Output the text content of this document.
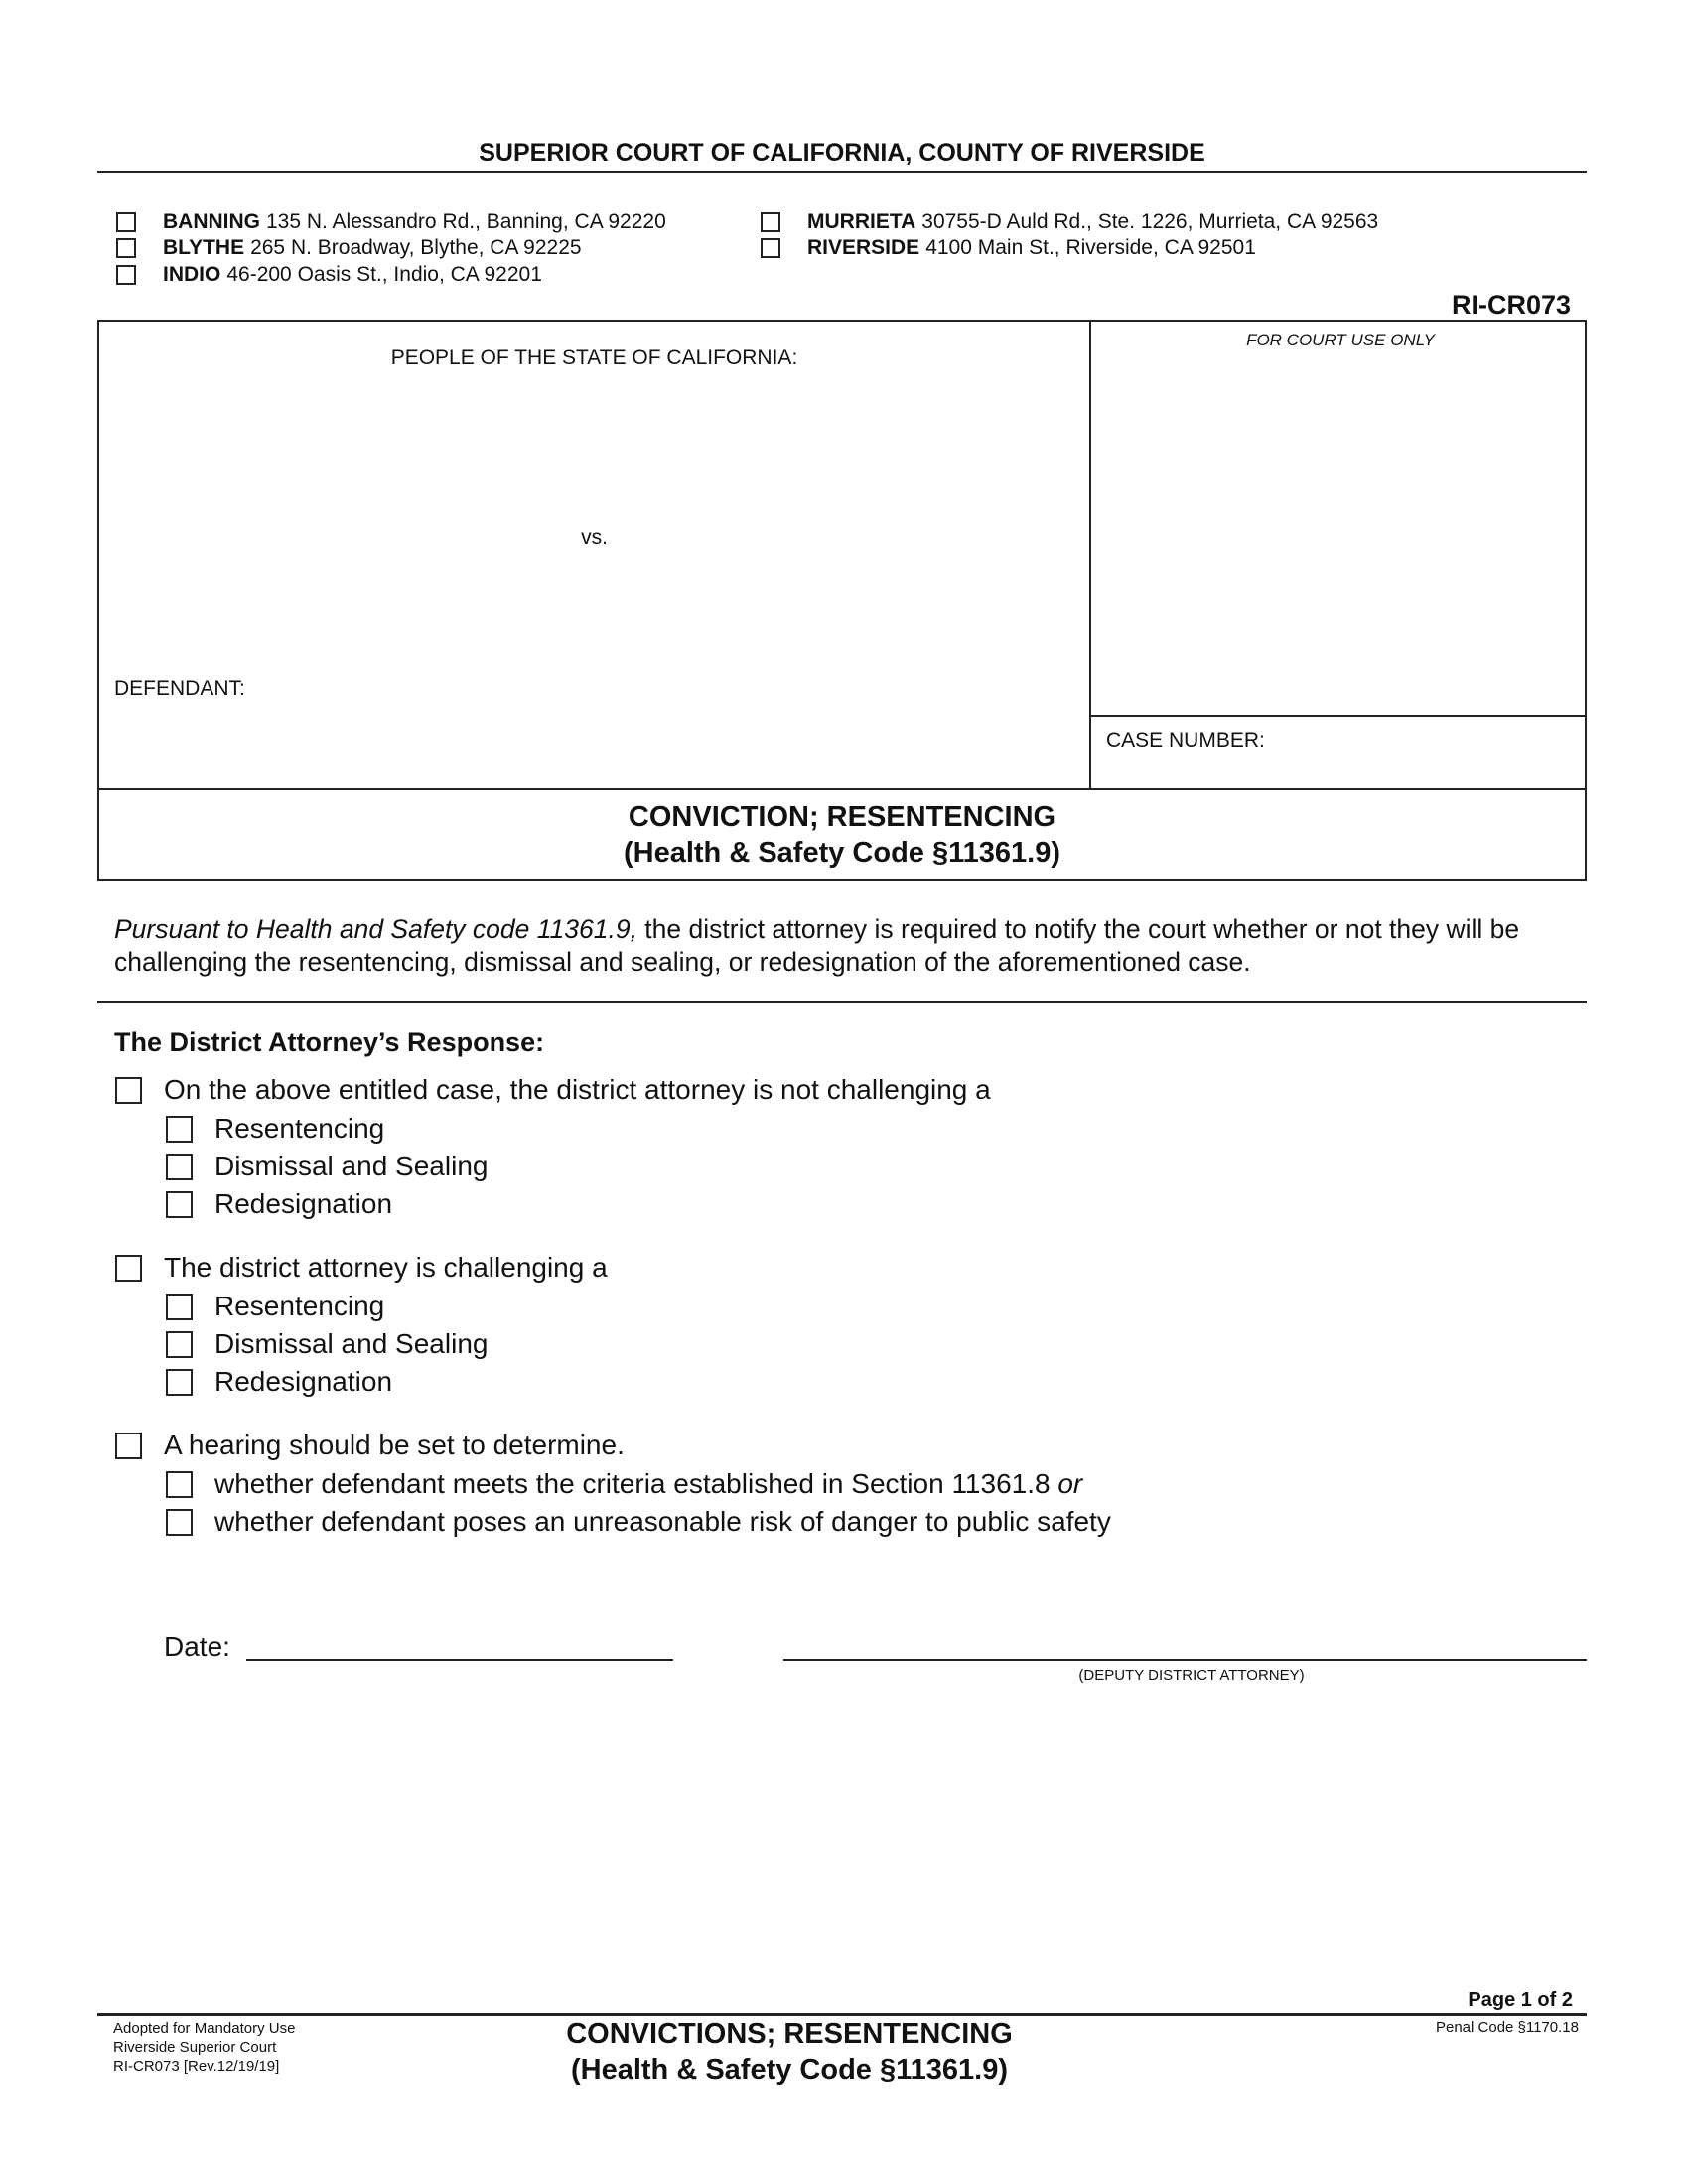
SUPERIOR COURT OF CALIFORNIA, COUNTY OF RIVERSIDE
BANNING 135 N. Alessandro Rd., Banning, CA 92220
BLYTHE 265 N. Broadway, Blythe, CA 92225
INDIO 46-200 Oasis St., Indio, CA 92201
MURRIETA 30755-D Auld Rd., Ste. 1226, Murrieta, CA 92563
RIVERSIDE 4100 Main St., Riverside, CA 92501
RI-CR073
PEOPLE OF THE STATE OF CALIFORNIA:
vs.
DEFENDANT:
FOR COURT USE ONLY
CASE NUMBER:
CONVICTION; RESENTENCING
(Health & Safety Code §11361.9)
Pursuant to Health and Safety code 11361.9, the district attorney is required to notify the court whether or not they will be challenging the resentencing, dismissal and sealing, or redesignation of the aforementioned case.
The District Attorney’s Response:
On the above entitled case, the district attorney is not challenging a
Resentencing
Dismissal and Sealing
Redesignation
The district attorney is challenging a
Resentencing
Dismissal and Sealing
Redesignation
A hearing should be set to determine.
whether defendant meets the criteria established in Section 11361.8 or
whether defendant poses an unreasonable risk of danger to public safety
Date:
(DEPUTY DISTRICT ATTORNEY)
Page 1 of 2
Adopted for Mandatory Use
Riverside Superior Court
RI-CR073 [Rev.12/19/19]
CONVICTIONS; RESENTENCING
(Health & Safety Code §11361.9)
Penal Code §1170.18
